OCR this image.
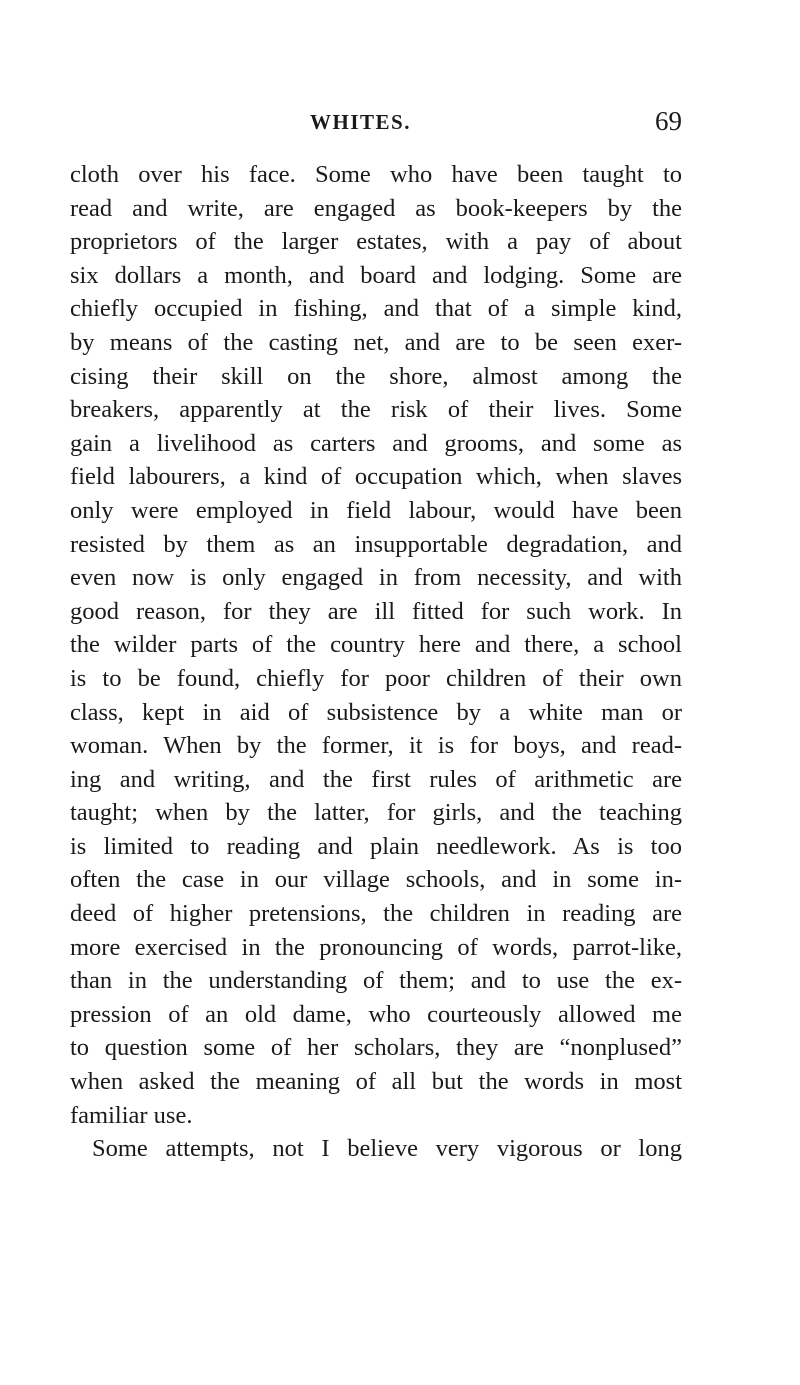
WHITES.	69
cloth over his face. Some who have been taught to
read and write, are engaged as book-keepers by the
proprietors of the larger estates, with a pay of about
six dollars a month, and board and lodging. Some are
chiefly occupied in fishing, and that of a simple kind,
by means of the casting net, and are to be seen exer-
cising their skill on the shore, almost among the
breakers, apparently at the risk of their lives. Some
gain a livelihood as carters and grooms, and some as
field labourers, a kind of occupation which, when slaves
only were employed in field labour, would have been
resisted by them as an insupportable degradation, and
even now is only engaged in from necessity, and with
good reason, for they are ill fitted for such work. In
the wilder parts of the country here and there, a school
is to be found, chiefly for poor children of their own
class, kept in aid of subsistence by a white man or
woman. When by the former, it is for boys, and read-
ing and writing, and the first rules of arithmetic are
taught; when by the latter, for girls, and the teaching
is limited to reading and plain needlework. As is too
often the case in our village schools, and in some in-
deed of higher pretensions, the children in reading are
more exercised in the pronouncing of words, parrot-like,
than in the understanding of them; and to use the ex-
pression of an old dame, who courteously allowed me
to question some of her scholars, they are “nonplused”
when asked the meaning of all but the words in most
familiar use.
Some attempts, not I believe very vigorous or long
